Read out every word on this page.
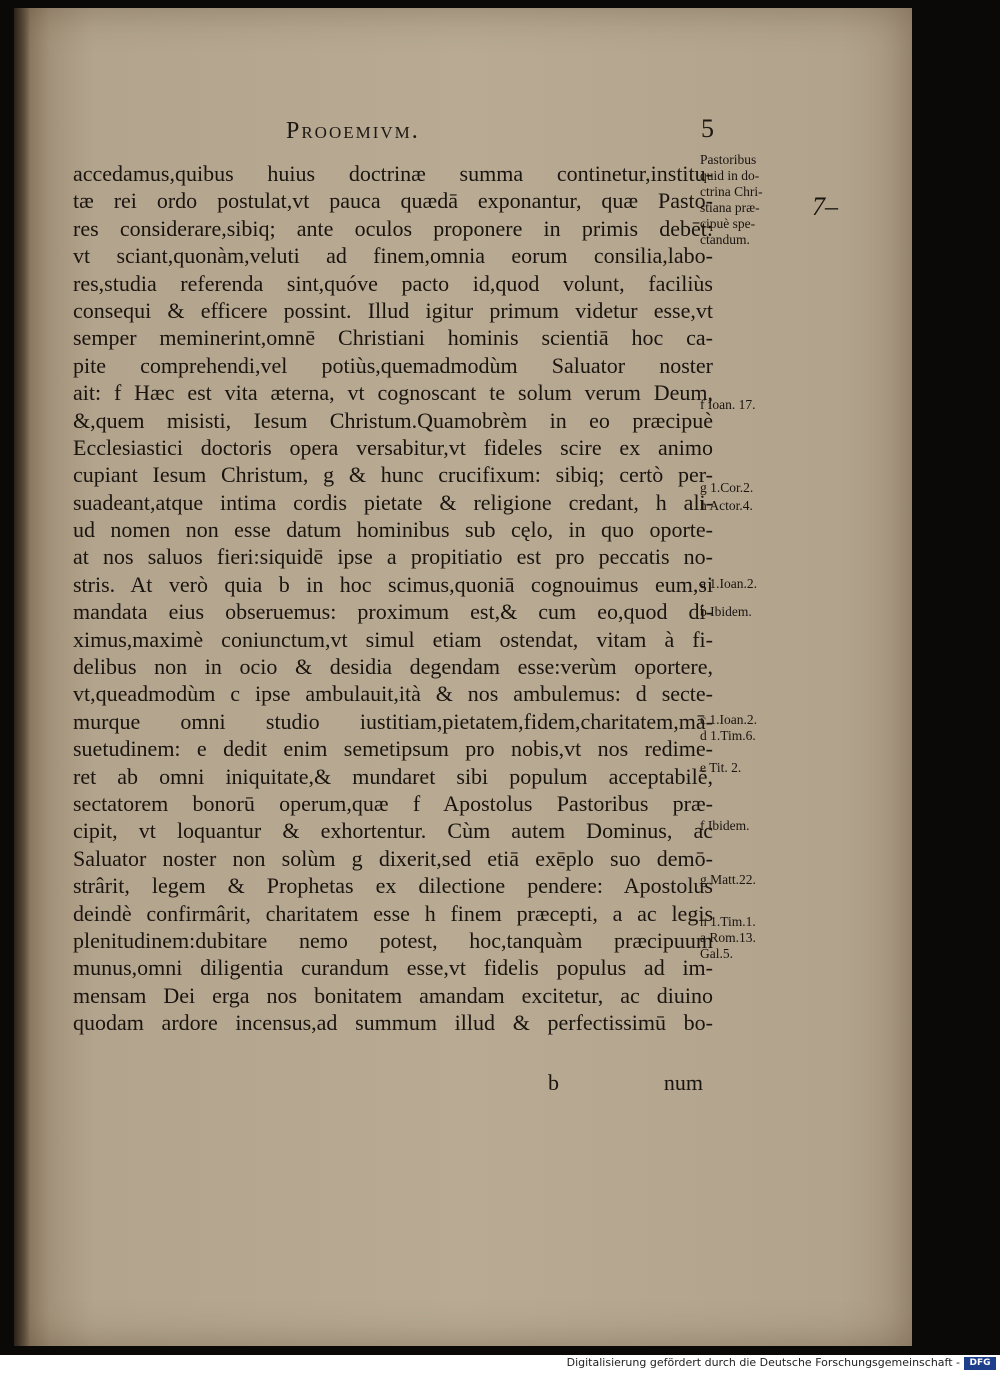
Prooemivm.	5
accedamus,quibus huius doctrinæ summa continetur,institu-
tæ rei ordo postulat,vt pauca quædā exponantur, quæ Pasto-
res considerare,sibiq; ante oculos proponere in primis debēt:
vt sciant,quonàm,veluti ad finem,omnia eorum consilia,labo-
res,studia referenda sint,quóve pacto id,quod volunt, faciliùs
consequi & efficere possint. Illud igitur primum videtur esse,vt
semper meminerint,omnē Christiani hominis scientiā hoc ca-
pite comprehendi,vel potiùs,quemadmodùm Saluator noster
ait: f Hæc est vita æterna, vt cognoscant te solum verum Deum,
&,quem misisti, Iesum Christum.Quamobrèm in eo præcipuè
Ecclesiastici doctoris opera versabitur,vt fideles scire ex animo
cupiant Iesum Christum, g & hunc crucifixum: sibiq; certò per-
suadeant,atque intima cordis pietate & religione credant, h ali-
ud nomen non esse datum hominibus sub cęlo, in quo oporte-
at nos saluos fieri:siquidē ipse a propitiatio est pro peccatis no-
stris. At verò quia b in hoc scimus,quoniā cognouimus eum,si
mandata eius obseruemus: proximum est,& cum eo,quod di-
ximus,maximè coniunctum,vt simul etiam ostendat, vitam à fi-
delibus non in ocio & desidia degendam esse:verùm oportere,
vt,queadmodùm c ipse ambulauit,ità & nos ambulemus: d secte-
murque omni studio iustitiam,pietatem,fidem,charitatem,mā-
suetudinem: e dedit enim semetipsum pro nobis,vt nos redime-
ret ab omni iniquitate,& mundaret sibi populum acceptabilē,
sectatorem bonorū operum,quæ f Apostolus Pastoribus præ-
cipit, vt loquantur & exhortentur. Cùm autem Dominus, ac
Saluator noster non solùm g dixerit,sed etiā exēplo suo demō-
strârit, legem & Prophetas ex dilectione pendere: Apostolus
deindè confirmârit, charitatem esse h finem præcepti, a ac legis
plenitudinem:dubitare nemo potest, hoc,tanquàm præcipuum
munus,omni diligentia curandum esse,vt fidelis populus ad im-
mensam Dei erga nos bonitatem amandam excitetur, ac diuino
quodam ardore incensus,ad summum illud & perfectissimū bo-
Pastoribus
quid in do-
ctrina Chri-
stiana præ-
cipuè spe-
ctandum.
f Ioan. 17.
g 1.Cor.2.
h Actor.4.
a 1.Ioan.2.
b Ibidem.
c 1.Ioan.2.
d 1.Tim.6.
e Tit. 2.
f Ibidem.
g Matt.22.
h 1.Tim.1.
a Rom.13.
Gal.5.
b	num
7–
Digitalisierung gefördert durch die Deutsche Forschungsgemeinschaft -	DFG
